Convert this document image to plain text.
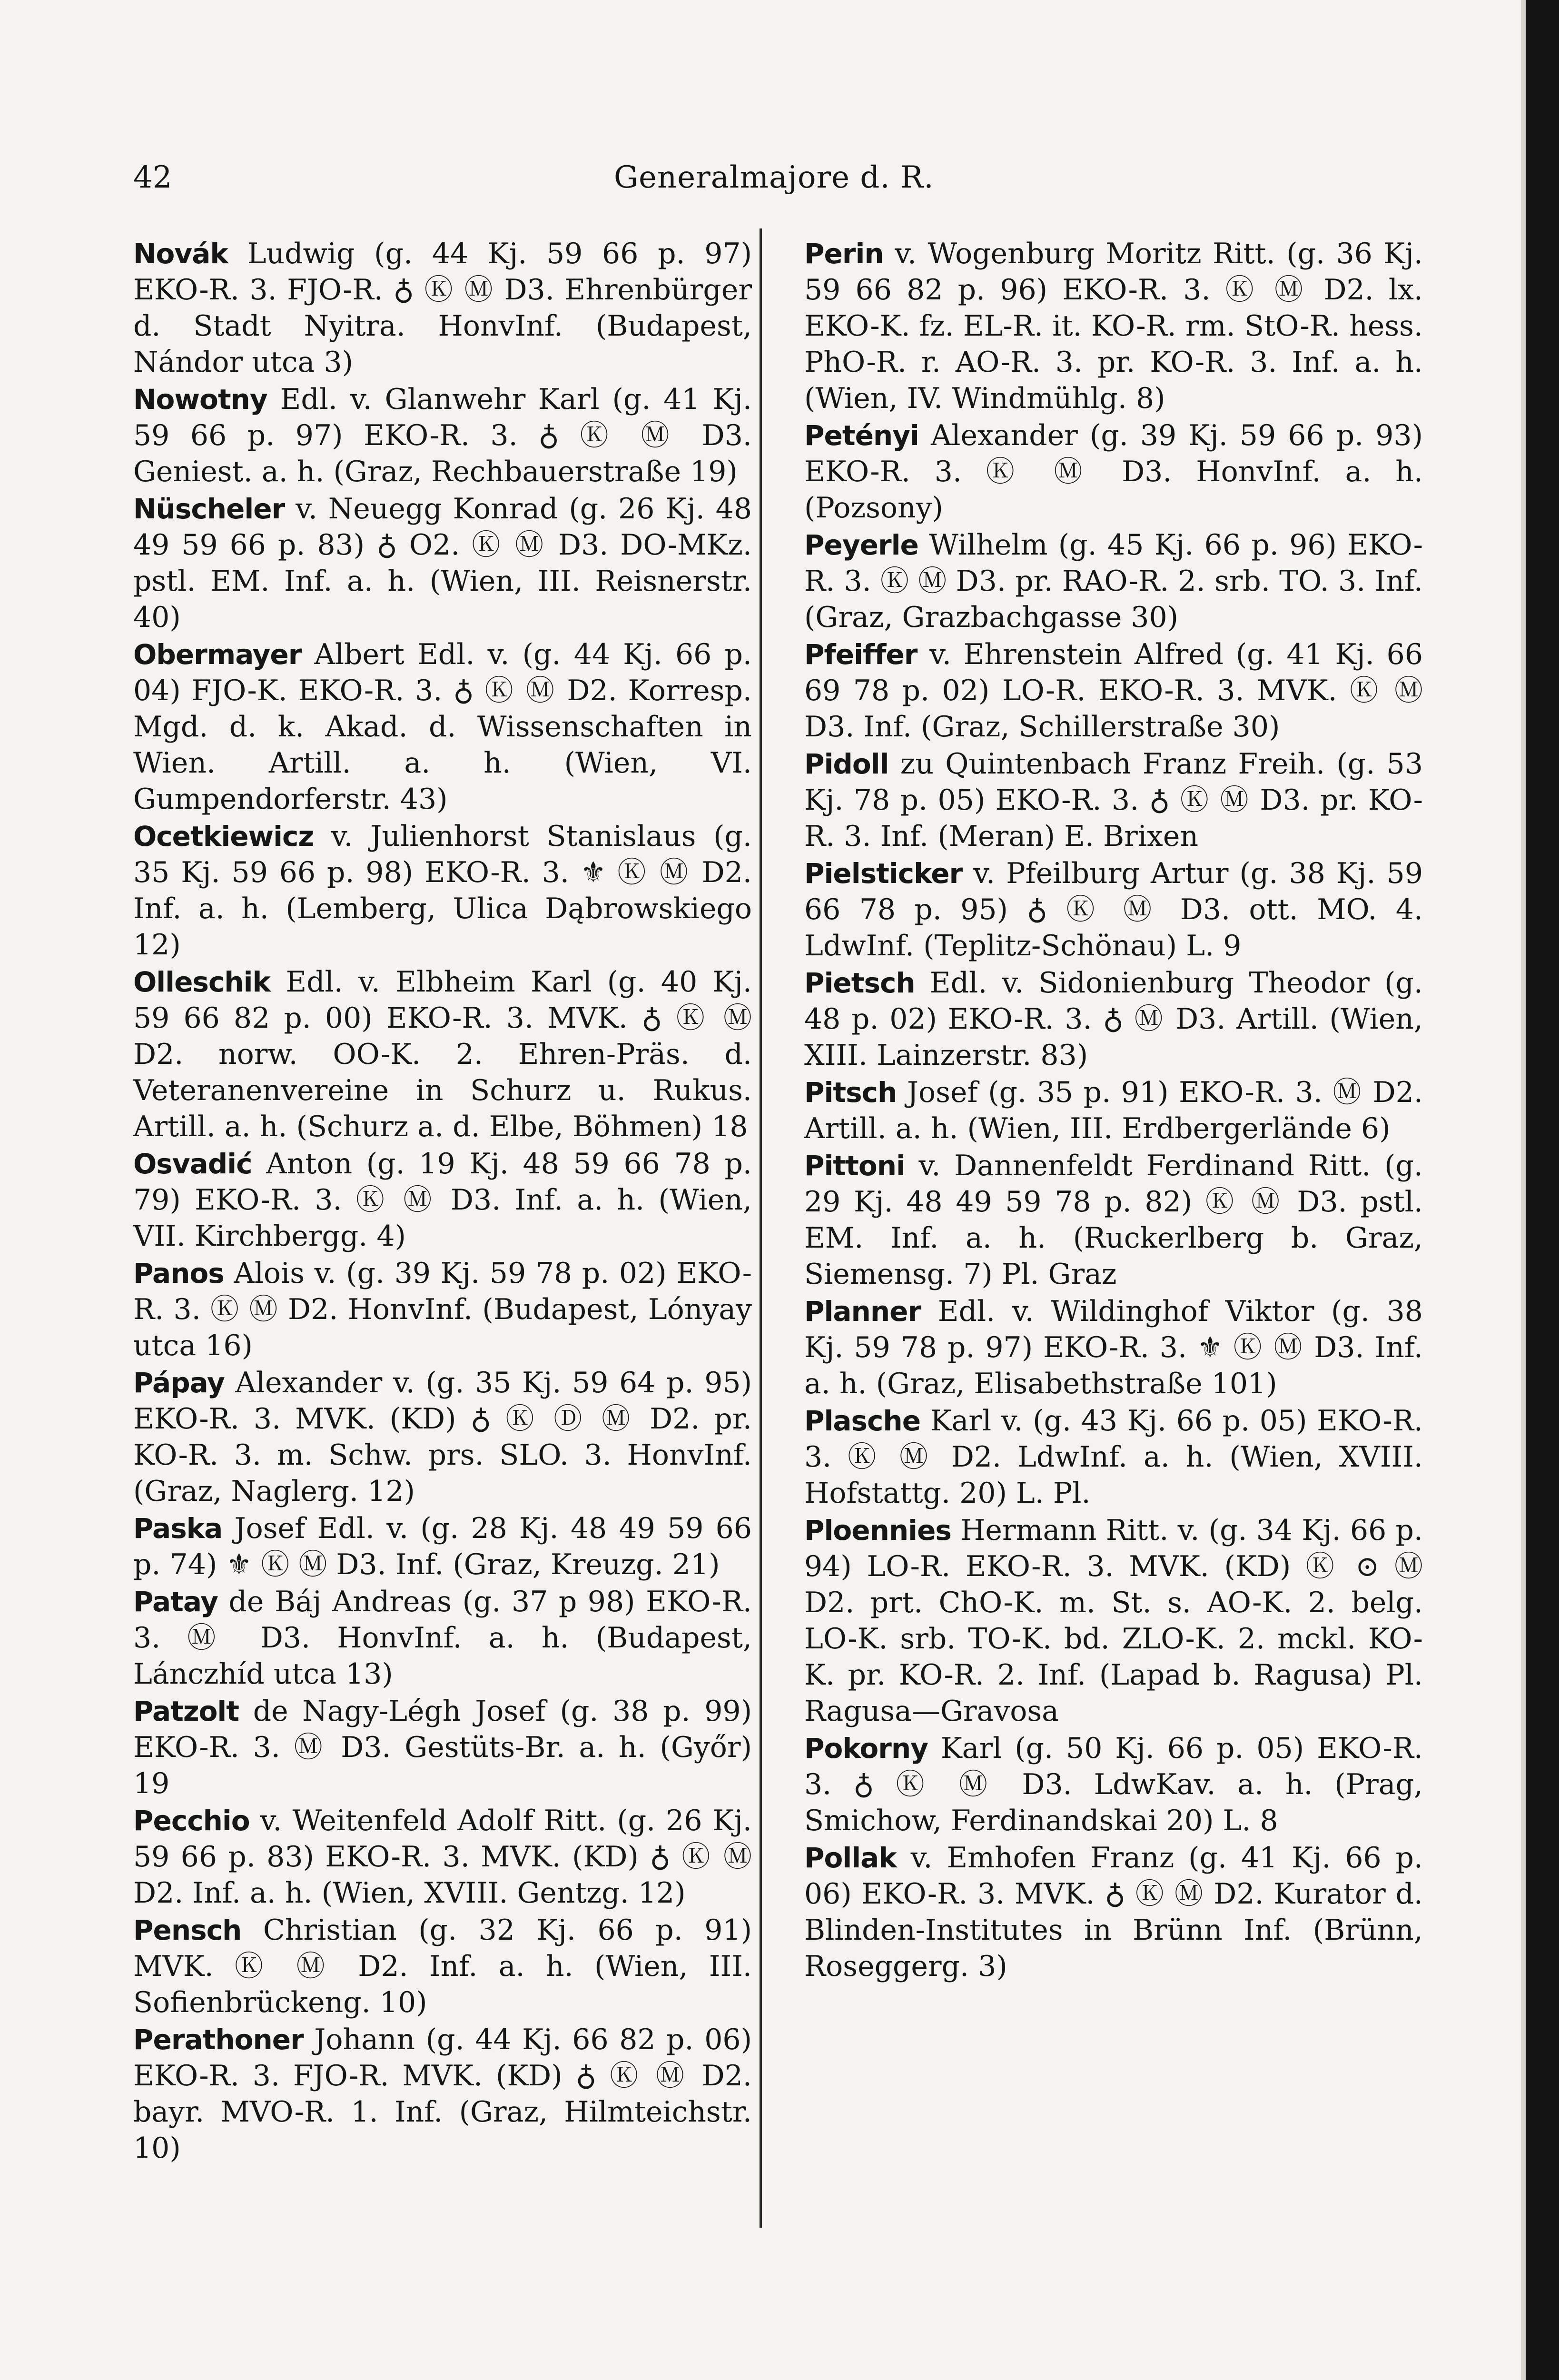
42	Generalmajore d. R.

Novák Ludwig (g. 44 Kj. 59 66 p. 97) EKO-R. 3. FJO-R. ♁ Ⓚ Ⓜ D3. Ehrenbürger d. Stadt Nyitra. HonvInf. (Budapest, Nándor utca 3)

Nowotny Edl. v. Glanwehr Karl (g. 41 Kj. 59 66 p. 97) EKO-R. 3. ♁ Ⓚ Ⓜ D3. Geniest. a. h. (Graz, Rechbauerstraße 19)

Nüscheler v. Neuegg Konrad (g. 26 Kj. 48 49 59 66 p. 83) ♁ O2. Ⓚ Ⓜ D3. DO-MKz. pstl. EM. Inf. a. h. (Wien, III. Reisnerstr. 40)

Obermayer Albert Edl. v. (g. 44 Kj. 66 p. 04) FJO-K. EKO-R. 3. ♁ Ⓚ Ⓜ D2. Korresp. Mgd. d. k. Akad. d. Wissenschaften in Wien. Artill. a. h. (Wien, VI. Gumpendorferstr. 43)

Ocetkiewicz v. Julienhorst Stanislaus (g. 35 Kj. 59 66 p. 98) EKO-R. 3. ⚜ Ⓚ Ⓜ D2. Inf. a. h. (Lemberg, Ulica Dąbrowskiego 12)

Olleschik Edl. v. Elbheim Karl (g. 40 Kj. 59 66 82 p. 00) EKO-R. 3. MVK. ♁ Ⓚ Ⓜ D2. norw. OO-K. 2. Ehren-Präs. d. Veteranenvereine in Schurz u. Rukus. Artill. a. h. (Schurz a. d. Elbe, Böhmen) 18

Osvadić Anton (g. 19 Kj. 48 59 66 78 p. 79) EKO-R. 3. Ⓚ Ⓜ D3. Inf. a. h. (Wien, VII. Kirchbergg. 4)

Panos Alois v. (g. 39 Kj. 59 78 p. 02) EKO-R. 3. Ⓚ Ⓜ D2. HonvInf. (Budapest, Lónyay utca 16)

Pápay Alexander v. (g. 35 Kj. 59 64 p. 95) EKO-R. 3. MVK. (KD) ♁ Ⓚ Ⓓ Ⓜ D2. pr. KO-R. 3. m. Schw. prs. SLO. 3. HonvInf. (Graz, Naglerg. 12)

Paska Josef Edl. v. (g. 28 Kj. 48 49 59 66 p. 74) ⚜ Ⓚ Ⓜ D3. Inf. (Graz, Kreuzg. 21)

Patay de Báj Andreas (g. 37 p 98) EKO-R. 3. Ⓜ D3. HonvInf. a. h. (Budapest, Lánczhíd utca 13)

Patzolt de Nagy-Légh Josef (g. 38 p. 99) EKO-R. 3. Ⓜ D3. Gestüts-Br. a. h. (Győr) 19

Pecchio v. Weitenfeld Adolf Ritt. (g. 26 Kj. 59 66 p. 83) EKO-R. 3. MVK. (KD) ♁ Ⓚ Ⓜ D2. Inf. a. h. (Wien, XVIII. Gentzg. 12)

Pensch Christian (g. 32 Kj. 66 p. 91) MVK. Ⓚ Ⓜ D2. Inf. a. h. (Wien, III. Sofienbrückeng. 10)

Perathoner Johann (g. 44 Kj. 66 82 p. 06) EKO-R. 3. FJO-R. MVK. (KD) ♁ Ⓚ Ⓜ D2. bayr. MVO-R. 1. Inf. (Graz, Hilmteichstr. 10)

Perin v. Wogenburg Moritz Ritt. (g. 36 Kj. 59 66 82 p. 96) EKO-R. 3. Ⓚ Ⓜ D2. lx. EKO-K. fz. EL-R. it. KO-R. rm. StO-R. hess. PhO-R. r. AO-R. 3. pr. KO-R. 3. Inf. a. h. (Wien, IV. Windmühlg. 8)

Petényi Alexander (g. 39 Kj. 59 66 p. 93) EKO-R. 3. Ⓚ Ⓜ D3. HonvInf. a. h. (Pozsony)

Peyerle Wilhelm (g. 45 Kj. 66 p. 96) EKO-R. 3. Ⓚ Ⓜ D3. pr. RAO-R. 2. srb. TO. 3. Inf. (Graz, Grazbachgasse 30)

Pfeiffer v. Ehrenstein Alfred (g. 41 Kj. 66 69 78 p. 02) LO-R. EKO-R. 3. MVK. Ⓚ Ⓜ D3. Inf. (Graz, Schillerstraße 30)

Pidoll zu Quintenbach Franz Freih. (g. 53 Kj. 78 p. 05) EKO-R. 3. ♁ Ⓚ Ⓜ D3. pr. KO-R. 3. Inf. (Meran) E. Brixen

Pielsticker v. Pfeilburg Artur (g. 38 Kj. 59 66 78 p. 95) ♁ Ⓚ Ⓜ D3. ott. MO. 4. LdwInf. (Teplitz-Schönau) L. 9

Pietsch Edl. v. Sidonienburg Theodor (g. 48 p. 02) EKO-R. 3. ♁ Ⓜ D3. Artill. (Wien, XIII. Lainzerstr. 83)

Pitsch Josef (g. 35 p. 91) EKO-R. 3. Ⓜ D2. Artill. a. h. (Wien, III. Erdbergerlände 6)

Pittoni v. Dannenfeldt Ferdinand Ritt. (g. 29 Kj. 48 49 59 78 p. 82) Ⓚ Ⓜ D3. pstl. EM. Inf. a. h. (Ruckerlberg b. Graz, Siemensg. 7) Pl. Graz

Planner Edl. v. Wildinghof Viktor (g. 38 Kj. 59 78 p. 97) EKO-R. 3. ⚜ Ⓚ Ⓜ D3. Inf. a. h. (Graz, Elisabethstraße 101)

Plasche Karl v. (g. 43 Kj. 66 p. 05) EKO-R. 3. Ⓚ Ⓜ D2. LdwInf. a. h. (Wien, XVIII. Hofstattg. 20) L. Pl.

Ploennies Hermann Ritt. v. (g. 34 Kj. 66 p. 94) LO-R. EKO-R. 3. MVK. (KD) Ⓚ ⊙ Ⓜ D2. prt. ChO-K. m. St. s. AO-K. 2. belg. LO-K. srb. TO-K. bd. ZLO-K. 2. mckl. KO-K. pr. KO-R. 2. Inf. (Lapad b. Ragusa) Pl. Ragusa—Gravosa

Pokorny Karl (g. 50 Kj. 66 p. 05) EKO-R. 3. ♁ Ⓚ Ⓜ D3. LdwKav. a. h. (Prag, Smichow, Ferdinandskai 20) L. 8

Pollak v. Emhofen Franz (g. 41 Kj. 66 p. 06) EKO-R. 3. MVK. ♁ Ⓚ Ⓜ D2. Kurator d. Blinden-Institutes in Brünn Inf. (Brünn, Roseggerg. 3)
